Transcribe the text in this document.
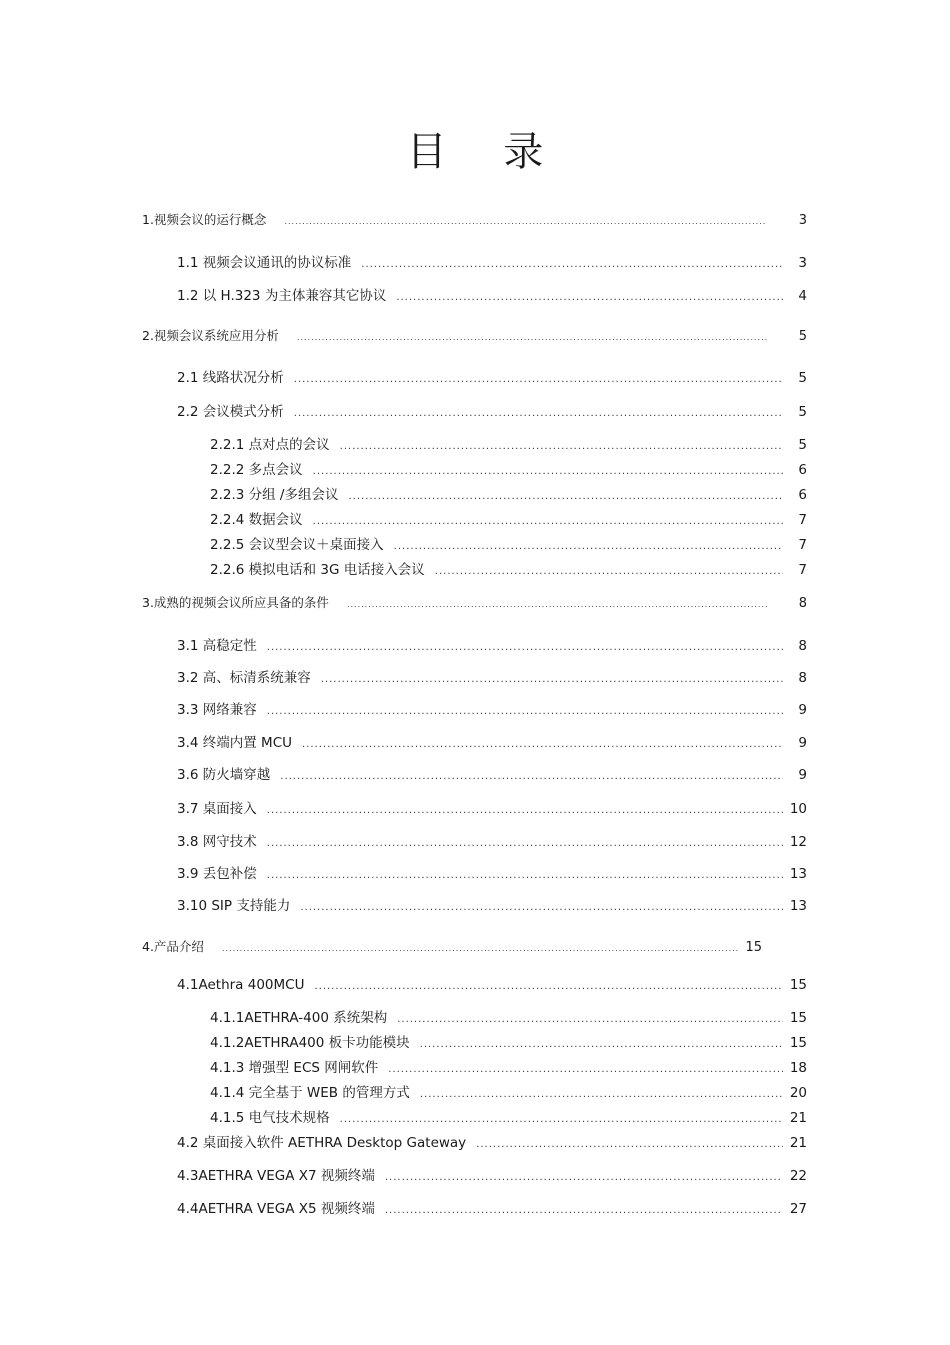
目 录
1.视频会议的运行概念 .....	3
1.1 视频会议通讯的协议标准 .....	3
1.2 以 H.323 为主体兼容其它协议 .....	4
2.视频会议系统应用分析 .....	5
2.1 线路状况分析 .....	5
2.2 会议模式分析 .....	5
2.2.1 点对点的会议 .....	5
2.2.2 多点会议 .....	6
2.2.3 分组 /多组会议 .....	6
2.2.4 数据会议 .....	7
2.2.5 会议型会议＋桌面接入 .....	7
2.2.6 模拟电话和 3G 电话接入会议 .....	7
3.成熟的视频会议所应具备的条件 .....	8
3.1 高稳定性 .....	8
3.2 高、标清系统兼容 .....	8
3.3 网络兼容 .....	9
3.4 终端内置 MCU .....	9
3.6 防火墙穿越 .....	9
3.7 桌面接入 .....	10
3.8 网守技术 .....	12
3.9 丢包补偿 .....	13
3.10 SIP 支持能力 .....	13
4.产品介绍 .....	15
4.1Aethra 400MCU .....	15
4.1.1AETHRA-400 系统架构 .....	15
4.1.2AETHRA400 板卡功能模块 .....	15
4.1.3 增强型 ECS 网闸软件 .....	18
4.1.4 完全基于 WEB 的管理方式 .....	20
4.1.5 电气技术规格 .....	21
4.2 桌面接入软件 AETHRA Desktop Gateway .....	21
4.3AETHRA VEGA X7 视频终端 .....	22
4.4AETHRA VEGA X5 视频终端 .....	27
